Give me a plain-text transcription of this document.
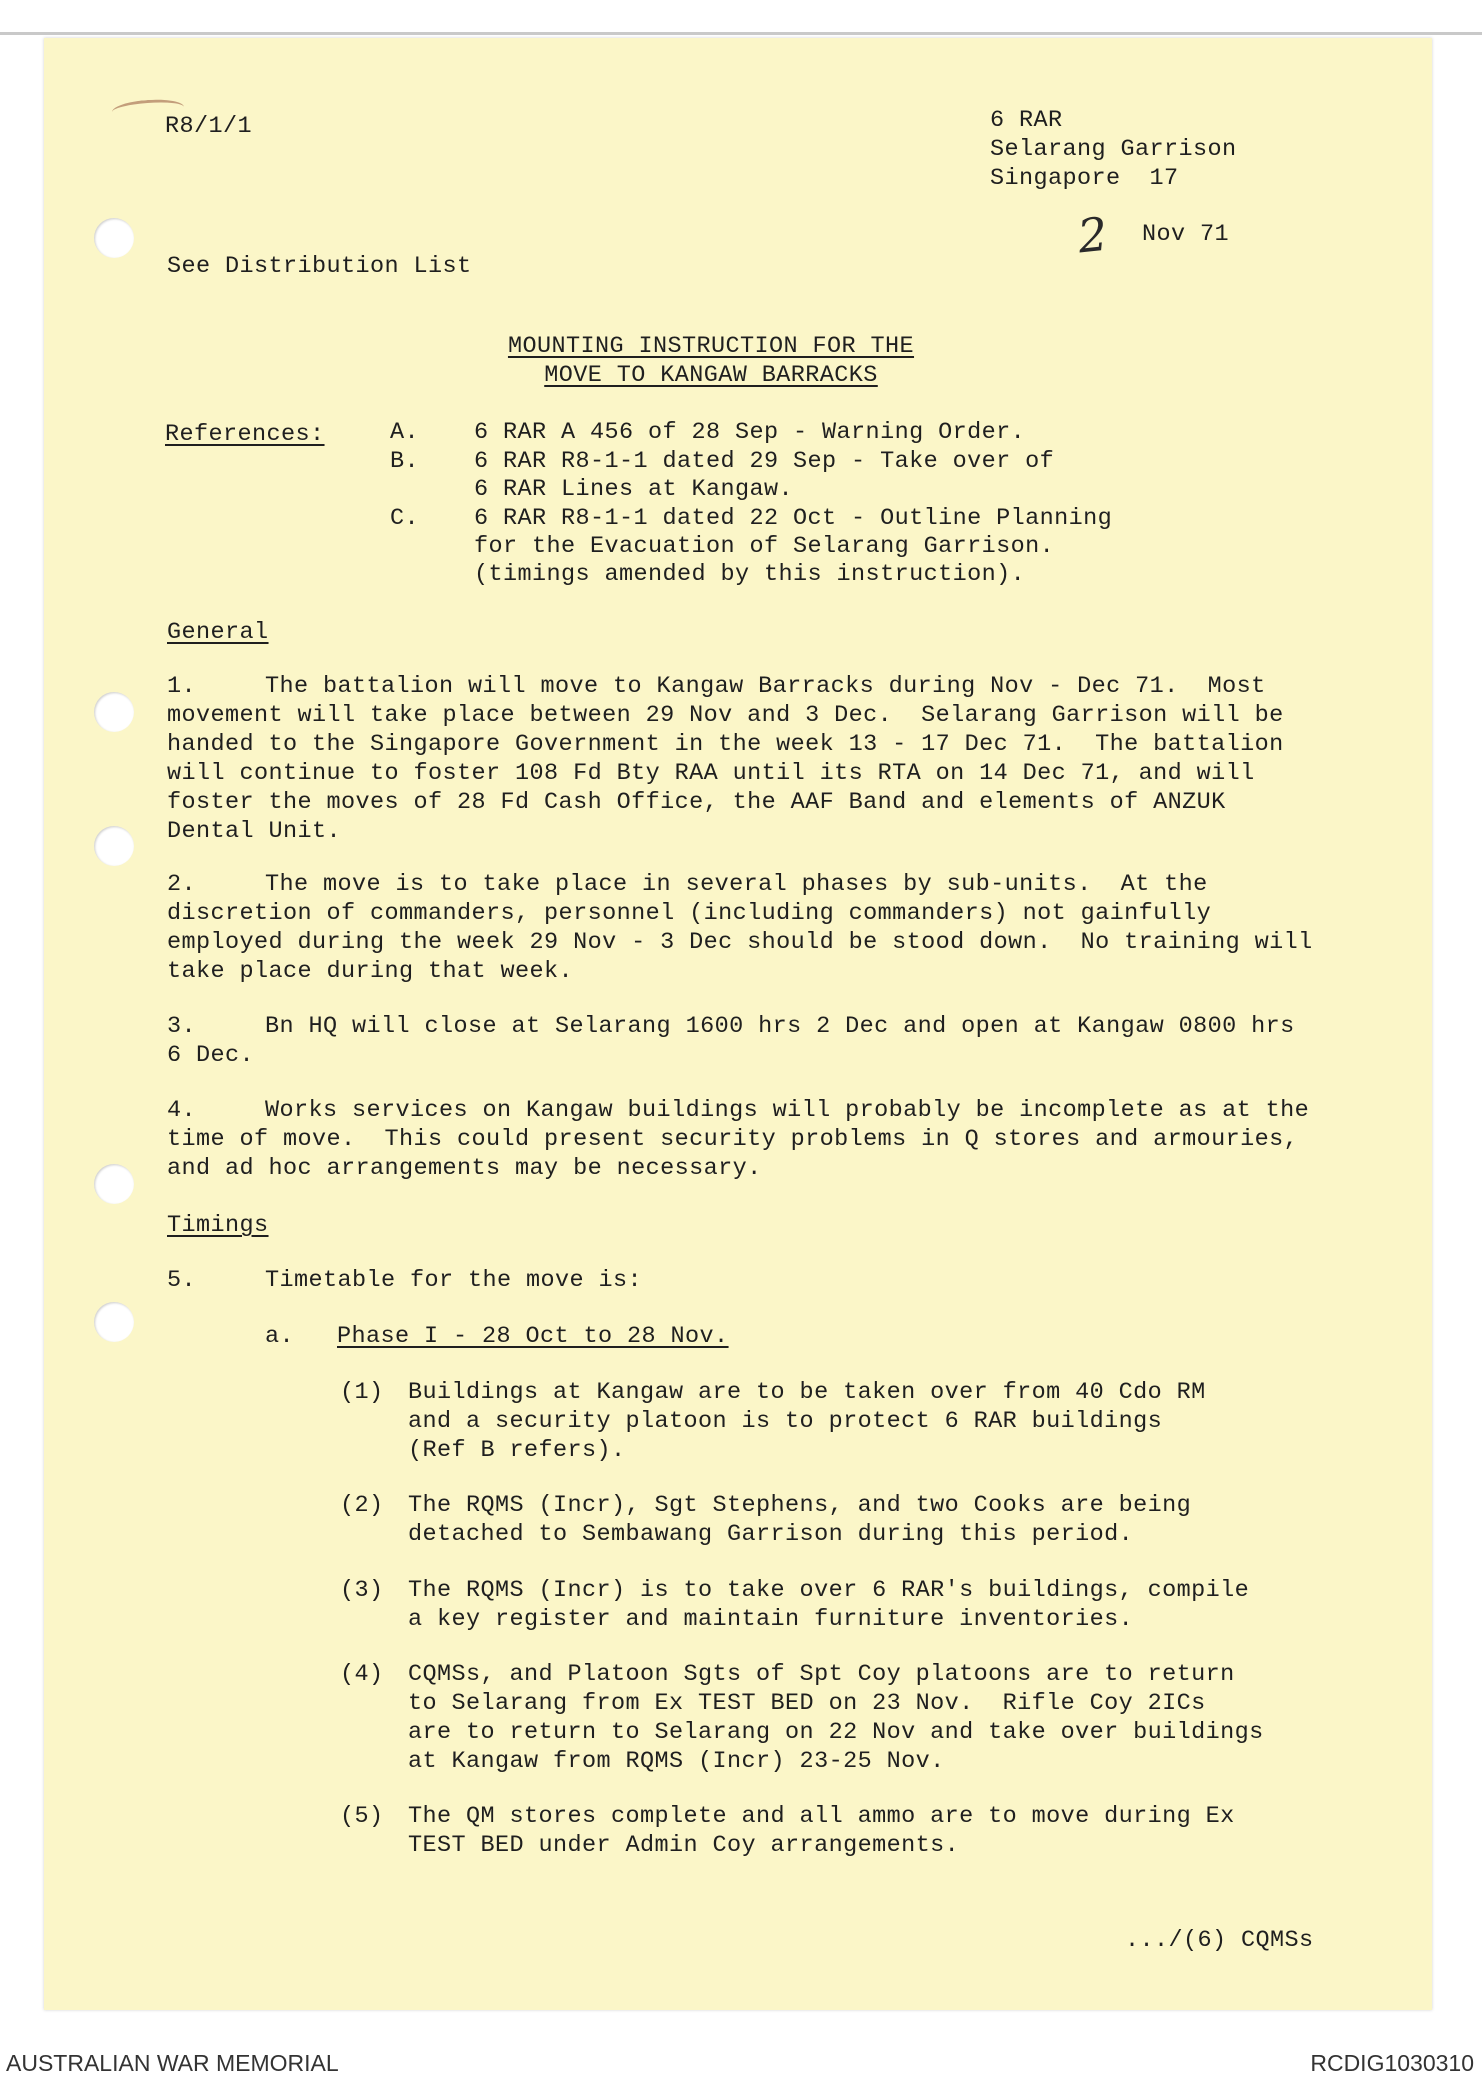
R8/1/1	6 RAR
Selarang Garrison
Singapore  17
2 Nov 71
See Distribution List
MOUNTING INSTRUCTION FOR THE
MOVE TO KANGAW BARRACKS
References:	A. 6 RAR A 456 of 28 Sep - Warning Order.
B. 6 RAR R8-1-1 dated 29 Sep - Take over of
6 RAR Lines at Kangaw.
C. 6 RAR R8-1-1 dated 22 Oct - Outline Planning
for the Evacuation of Selarang Garrison.
(timings amended by this instruction).
General
1.	The battalion will move to Kangaw Barracks during Nov - Dec 71.  Most
movement will take place between 29 Nov and 3 Dec.  Selarang Garrison will be
handed to the Singapore Government in the week 13 - 17 Dec 71.  The battalion
will continue to foster 108 Fd Bty RAA until its RTA on 14 Dec 71, and will
foster the moves of 28 Fd Cash Office, the AAF Band and elements of ANZUK
Dental Unit.
2.	The move is to take place in several phases by sub-units.  At the
discretion of commanders, personnel (including commanders) not gainfully
employed during the week 29 Nov - 3 Dec should be stood down.  No training will
take place during that week.
3.	Bn HQ will close at Selarang 1600 hrs 2 Dec and open at Kangaw 0800 hrs
6 Dec.
4.	Works services on Kangaw buildings will probably be incomplete as at the
time of move.  This could present security problems in Q stores and armouries,
and ad hoc arrangements may be necessary.
Timings
5.	Timetable for the move is:
a. Phase I - 28 Oct to 28 Nov.
(1) Buildings at Kangaw are to be taken over from 40 Cdo RM
and a security platoon is to protect 6 RAR buildings
(Ref B refers).
(2) The RQMS (Incr), Sgt Stephens, and two Cooks are being
detached to Sembawang Garrison during this period.
(3) The RQMS (Incr) is to take over 6 RAR's buildings, compile
a key register and maintain furniture inventories.
(4) CQMSs, and Platoon Sgts of Spt Coy platoons are to return
to Selarang from Ex TEST BED on 23 Nov.  Rifle Coy 2ICs
are to return to Selarang on 22 Nov and take over buildings
at Kangaw from RQMS (Incr) 23-25 Nov.
(5) The QM stores complete and all ammo are to move during Ex
TEST BED under Admin Coy arrangements.
.../(6) CQMSs
AUSTRALIAN WAR MEMORIAL	RCDIG1030310
